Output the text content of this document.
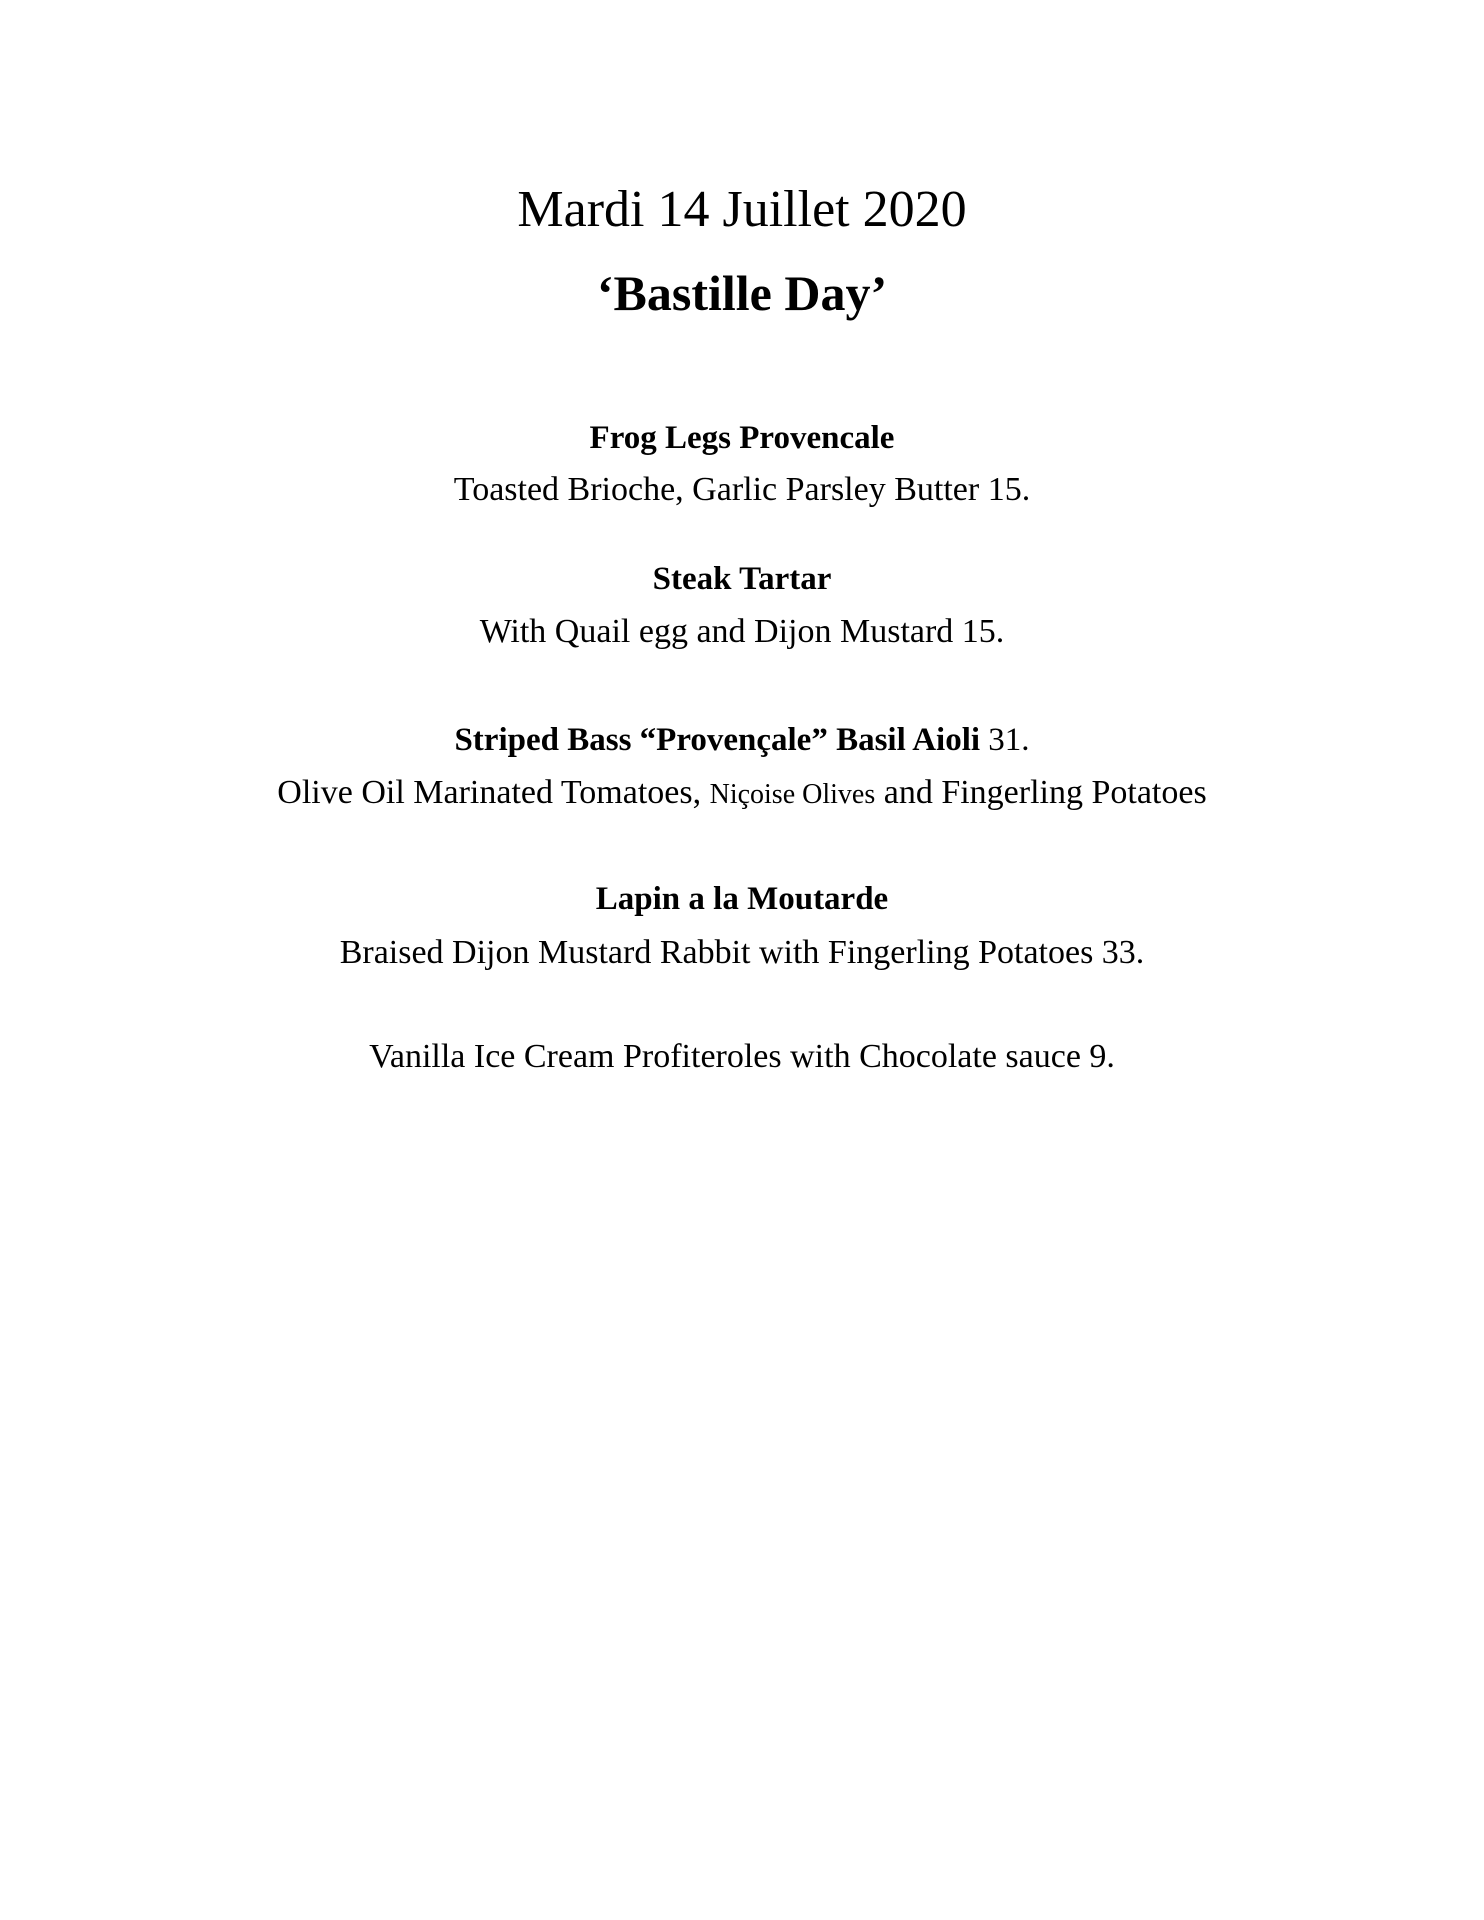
Mardi 14 Juillet 2020
‘Bastille Day’
Frog Legs Provencale
Toasted Brioche, Garlic Parsley Butter 15.
Steak Tartar
With Quail egg and Dijon Mustard 15.
Striped Bass “Provençale” Basil Aioli 31.
Olive Oil Marinated Tomatoes, Niçoise Olives and Fingerling Potatoes
Lapin a la Moutarde
Braised Dijon Mustard Rabbit with Fingerling Potatoes 33.
Vanilla Ice Cream Profiteroles with Chocolate sauce 9.
